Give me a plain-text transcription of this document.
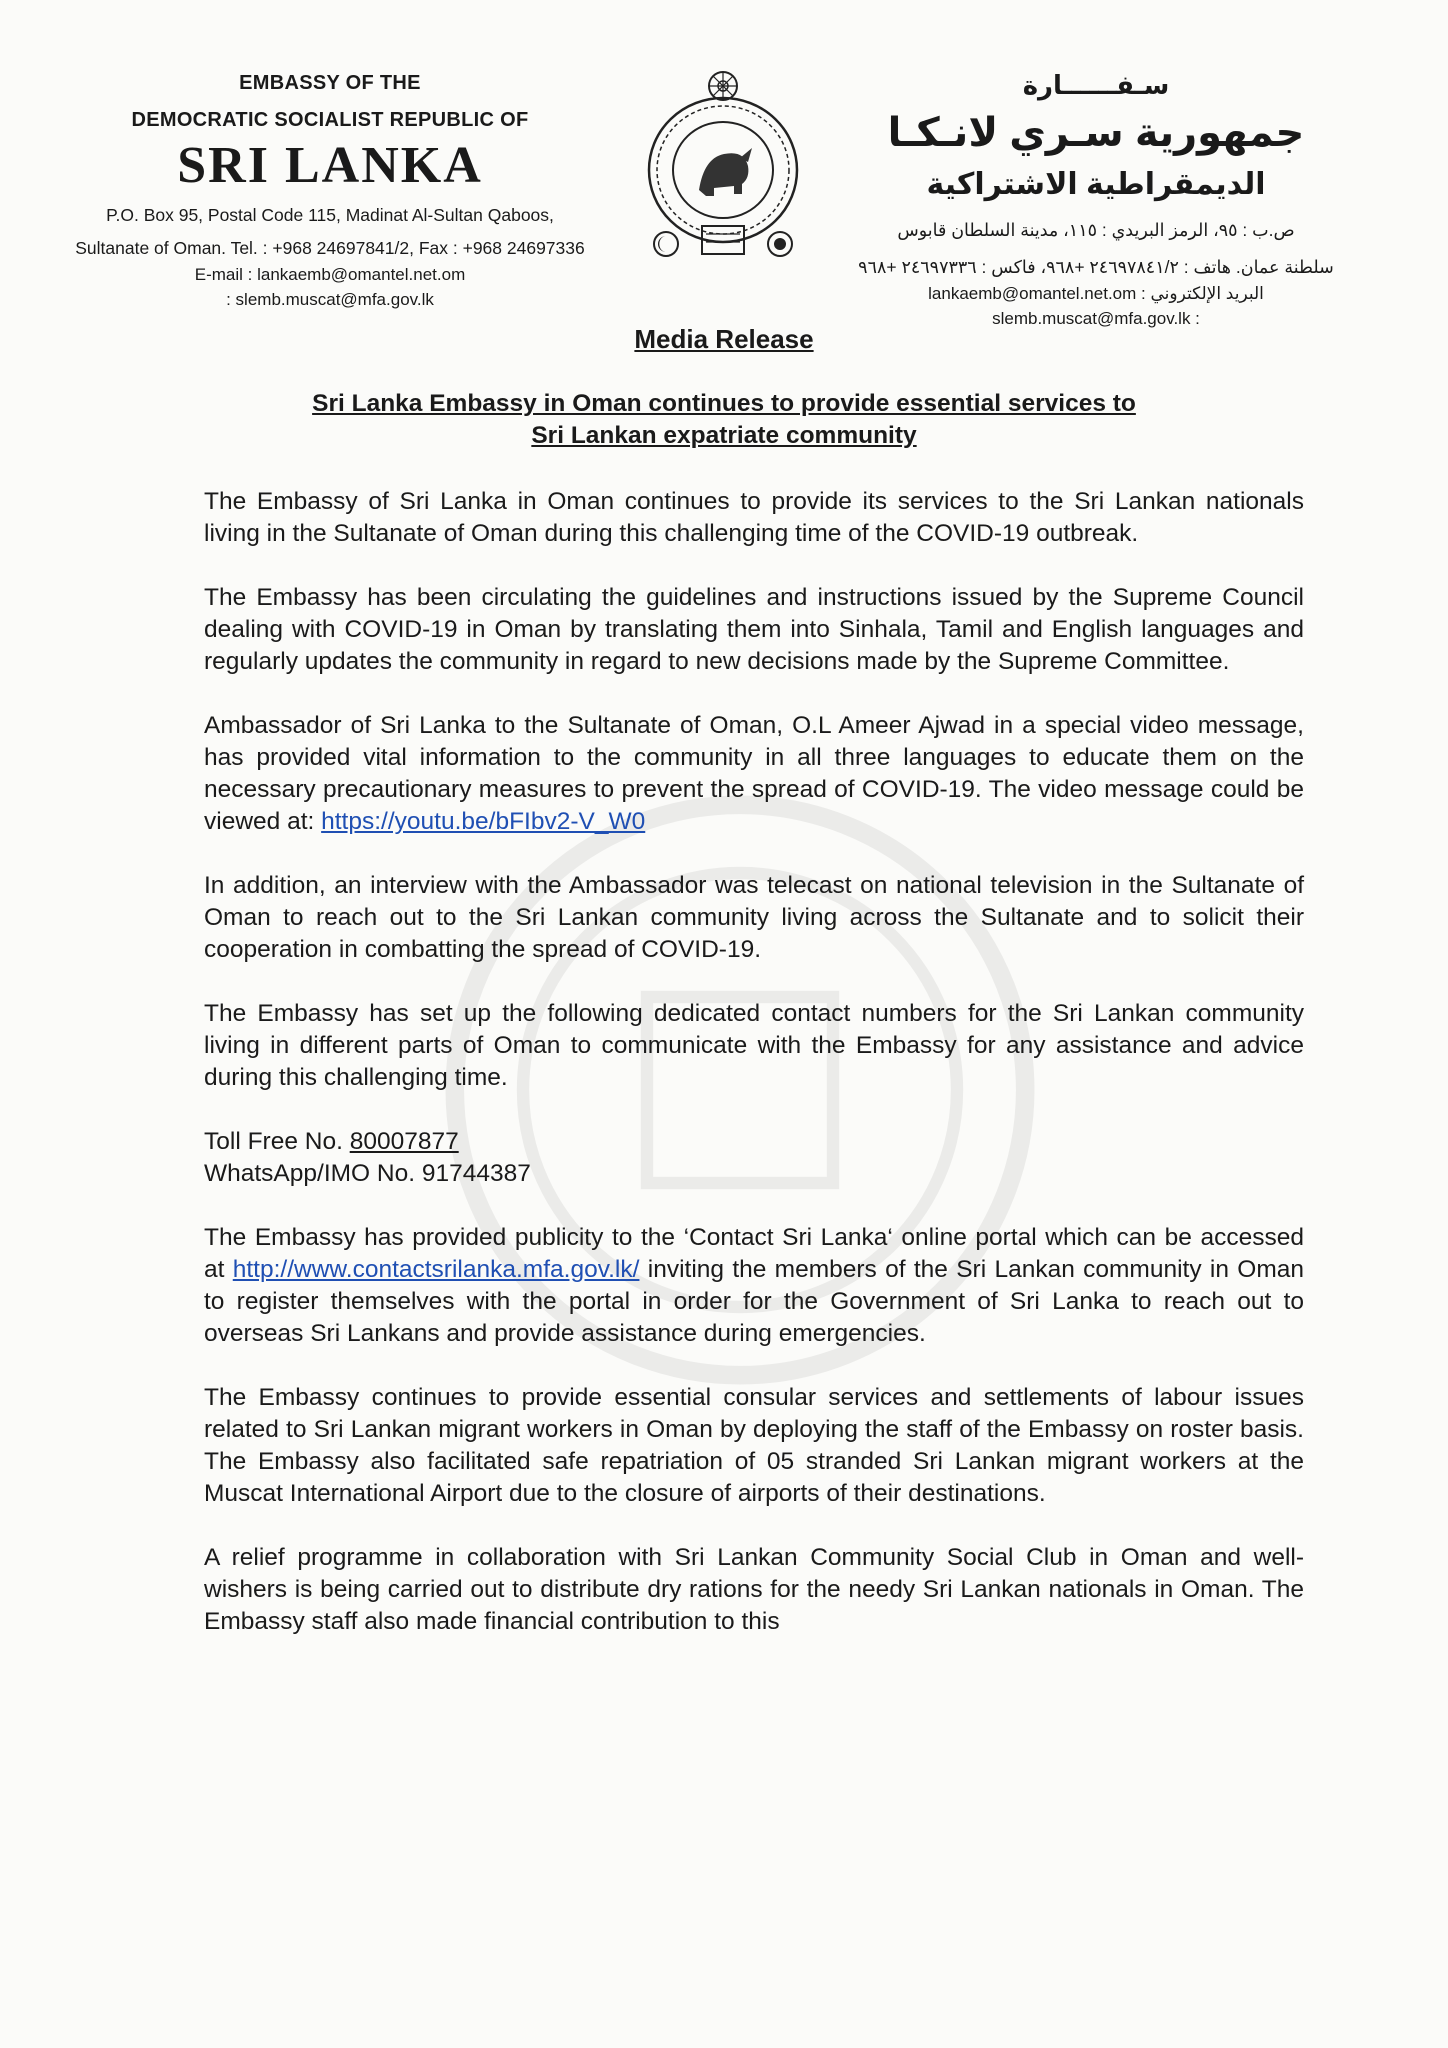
EMBASSY OF THE
DEMOCRATIC SOCIALIST REPUBLIC OF
SRI LANKA
P.O. Box 95, Postal Code 115, Madinat Al-Sultan Qaboos,
Sultanate of Oman. Tel. : +968 24697841/2, Fax : +968 24697336
E-mail : lankaemb@omantel.net.om
: slemb.muscat@mfa.gov.lk
سـفــــــارة
جمهورية سـري لانـكـا
الديمقراطية الاشتراكية
ص.ب : ٩٥، الرمز البريدي : ١١٥، مدينة السلطان قابوس
سلطنة عمان. هاتف : ٢٤٦٩٧٨٤١/٢ +٩٦٨، فاكس : ٢٤٦٩٧٣٣٦ +٩٦٨
lankaemb@omantel.net.om : البريد الإلكتروني
slemb.muscat@mfa.gov.lk :
Media Release
Sri Lanka Embassy in Oman continues to provide essential services to
Sri Lankan expatriate community

The Embassy of Sri Lanka in Oman continues to provide its services to the Sri Lankan nationals living in the Sultanate of Oman during this challenging time of the COVID-19 outbreak.

The Embassy has been circulating the guidelines and instructions issued by the Supreme Council dealing with COVID-19 in Oman by translating them into Sinhala, Tamil and English languages and regularly updates the community in regard to new decisions made by the Supreme Committee.

Ambassador of Sri Lanka to the Sultanate of Oman, O.L Ameer Ajwad in a special video message, has provided vital information to the community in all three languages to educate them on the necessary precautionary measures to prevent the spread of COVID-19. The video message could be viewed at: https://youtu.be/bFIbv2-V_W0

In addition, an interview with the Ambassador was telecast on national television in the Sultanate of Oman to reach out to the Sri Lankan community living across the Sultanate and to solicit their cooperation in combatting the spread of COVID-19.

The Embassy has set up the following dedicated contact numbers for the Sri Lankan community living in different parts of Oman to communicate with the Embassy for any assistance and advice during this challenging time.

Toll Free No. 80007877
WhatsApp/IMO No. 91744387

The Embassy has provided publicity to the ‘Contact Sri Lanka‘ online portal which can be accessed at http://www.contactsrilanka.mfa.gov.lk/ inviting the members of the Sri Lankan community in Oman to register themselves with the portal in order for the Government of Sri Lanka to reach out to overseas Sri Lankans and provide assistance during emergencies.

The Embassy continues to provide essential consular services and settlements of labour issues related to Sri Lankan migrant workers in Oman by deploying the staff of the Embassy on roster basis. The Embassy also facilitated safe repatriation of 05 stranded Sri Lankan migrant workers at the Muscat International Airport due to the closure of airports of their destinations.

A relief programme in collaboration with Sri Lankan Community Social Club in Oman and well-wishers is being carried out to distribute dry rations for the needy Sri Lankan nationals in Oman. The Embassy staff also made financial contribution to this
